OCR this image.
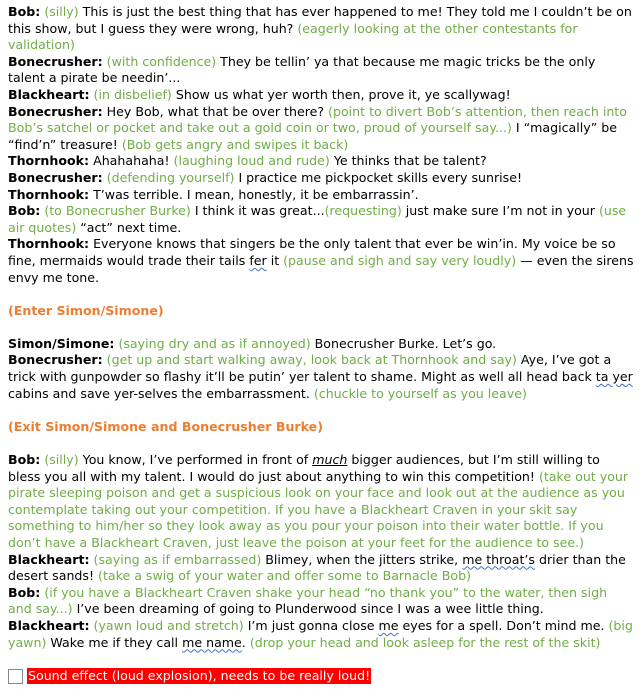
Bob: (silly) This is just the best thing that has ever happened to me! They told me I couldn’t be on this show, but I guess they were wrong, huh? (eagerly looking at the other contestants for validation)

Bonecrusher: (with confidence) They be tellin’ ya that because me magic tricks be the only talent a pirate be needin’...

Blackheart: (in disbelief) Show us what yer worth then, prove it, ye scallywag!

Bonecrusher: Hey Bob, what that be over there? (point to divert Bob’s attention, then reach into Bob’s satchel or pocket and take out a gold coin or two, proud of yourself say...) I “magically” be “find’n” treasure! (Bob gets angry and swipes it back)

Thornhook: Ahahahaha! (laughing loud and rude) Ye thinks that be talent?

Bonecrusher: (defending yourself) I practice me pickpocket skills every sunrise!

Thornhook: T’was terrible. I mean, honestly, it be embarrassin’.

Bob: (to Bonecrusher Burke) I think it was great...(requesting) just make sure I’m not in your (use air quotes) “act” next time.

Thornhook: Everyone knows that singers be the only talent that ever be win’in. My voice be so fine, mermaids would trade their tails fer it (pause and sigh and say very loudly) — even the sirens envy me tone.

(Enter Simon/Simone)

Simon/Simone: (saying dry and as if annoyed) Bonecrusher Burke. Let’s go.

Bonecrusher: (get up and start walking away, look back at Thornhook and say) Aye, I’ve got a trick with gunpowder so flashy it’ll be putin’ yer talent to shame. Might as well all head back ta yer cabins and save yer-selves the embarrassment. (chuckle to yourself as you leave)

(Exit Simon/Simone and Bonecrusher Burke)

Bob: (silly) You know, I’ve performed in front of much bigger audiences, but I’m still willing to bless you all with my talent. I would do just about anything to win this competition! (take out your pirate sleeping poison and get a suspicious look on your face and look out at the audience as you contemplate taking out your competition. If you have a Blackheart Craven in your skit say something to him/her so they look away as you pour your poison into their water bottle. If you don’t have a Blackheart Craven, just leave the poison at your feet for the audience to see.)

Blackheart: (saying as if embarrassed) Blimey, when the jitters strike, me throat’s drier than the desert sands! (take a swig of your water and offer some to Barnacle Bob)

Bob: (if you have a Blackheart Craven shake your head “no thank you” to the water, then sigh and say...) I’ve been dreaming of going to Plunderwood since I was a wee little thing.

Blackheart: (yawn loud and stretch) I’m just gonna close me eyes for a spell. Don’t mind me. (big yawn) Wake me if they call me name. (drop your head and look asleep for the rest of the skit)

Sound effect (loud explosion), needs to be really loud!
